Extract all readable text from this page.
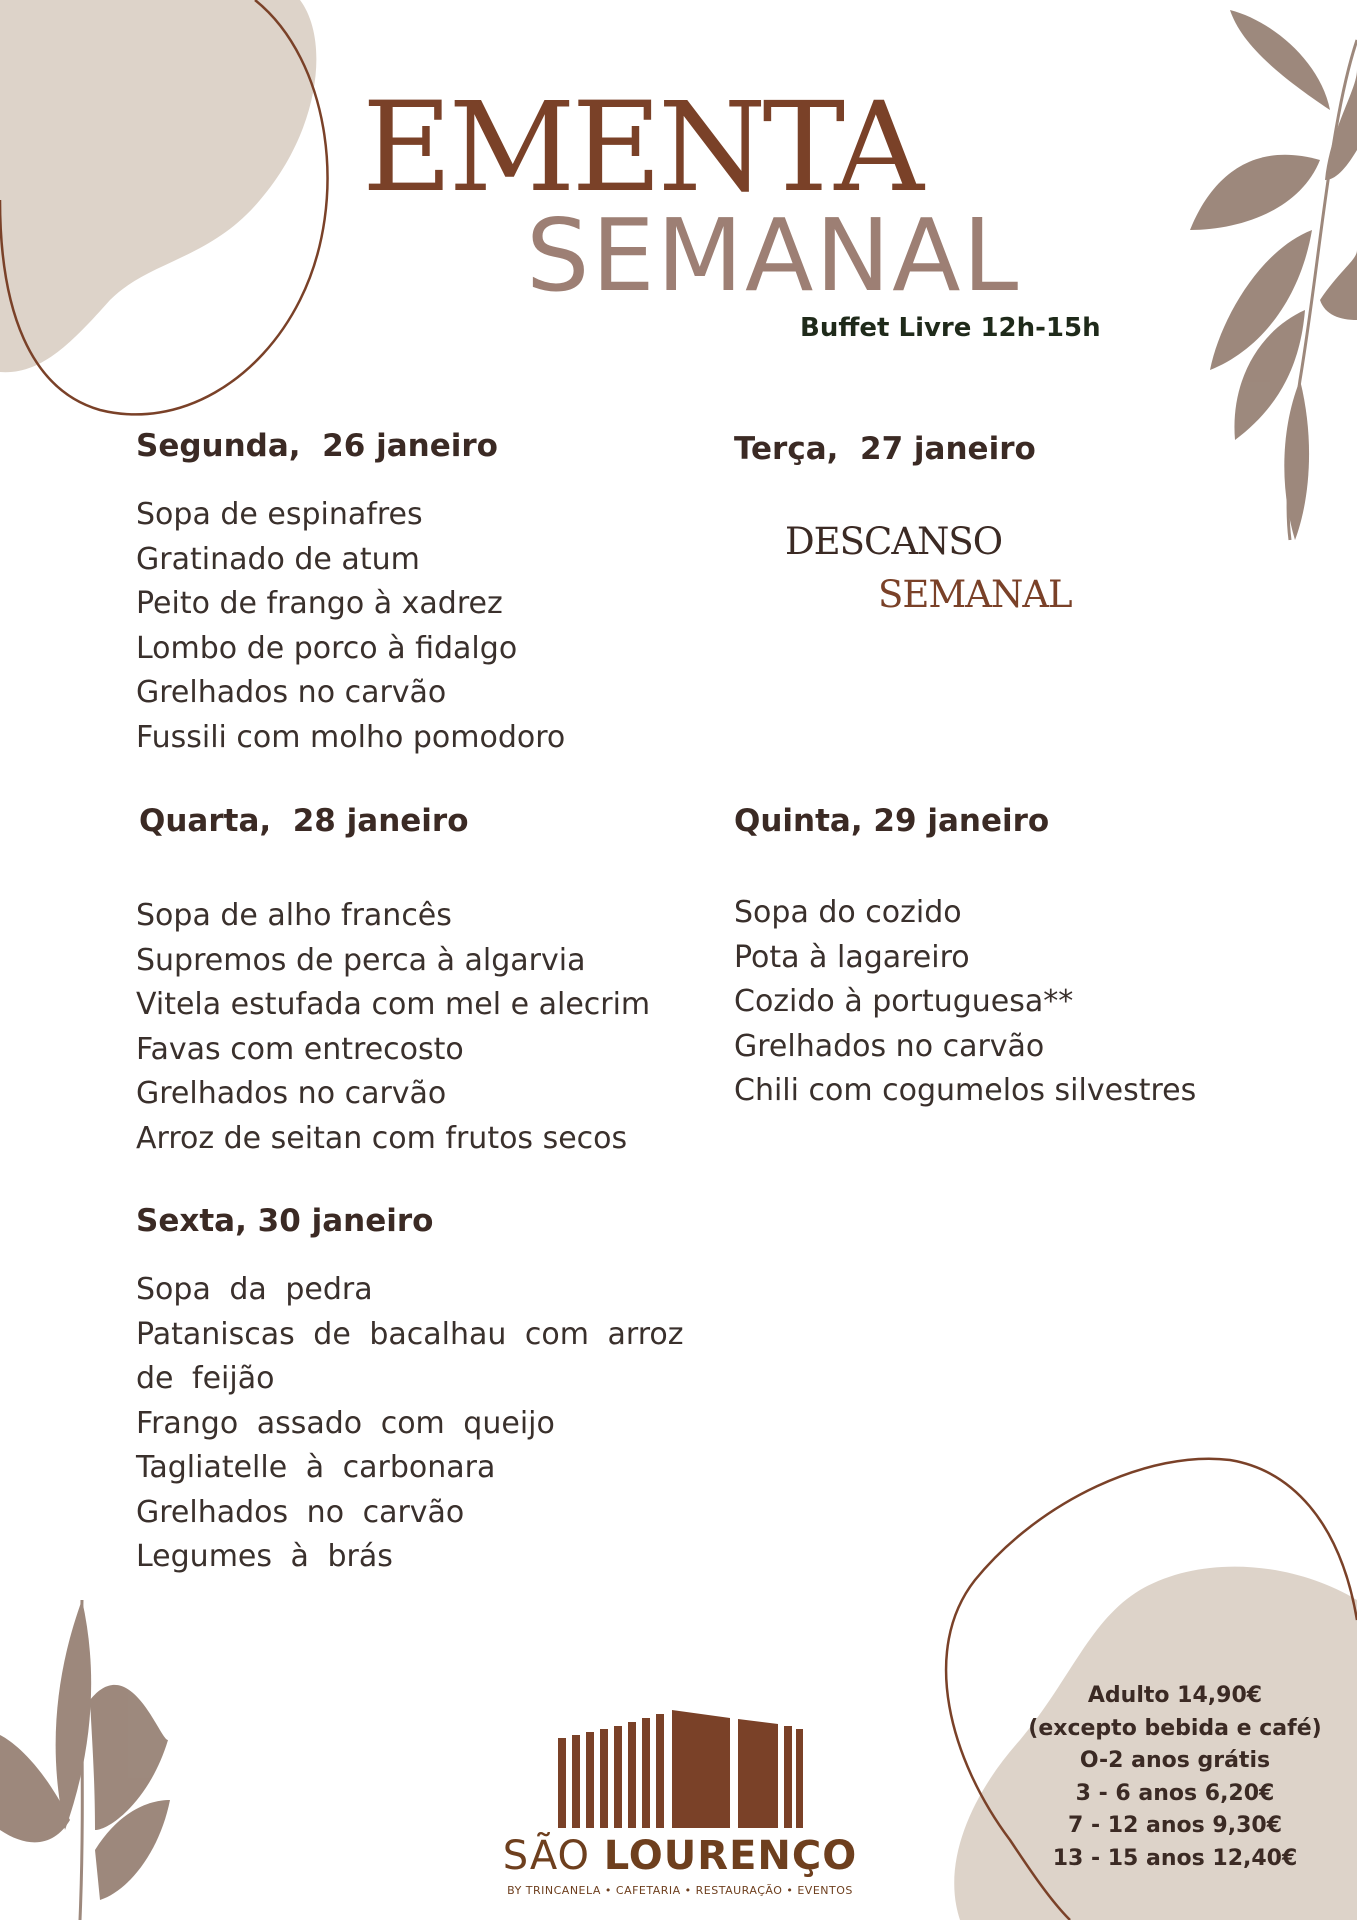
EMENTA
SEMANAL
Buffet Livre 12h-15h
Segunda,  26 janeiro
Sopa de espinafres
Gratinado de atum
Peito de frango à xadrez
Lombo de porco à fidalgo
Grelhados no carvão
Fussili com molho pomodoro
Terça,  27 janeiro
DESCANSO
SEMANAL
Quarta,  28 janeiro
Sopa de alho francês
Supremos de perca à algarvia
Vitela estufada com mel e alecrim
Favas com entrecosto
Grelhados no carvão
Arroz de seitan com frutos secos
Quinta, 29 janeiro
Sopa do cozido
Pota à lagareiro
Cozido à portuguesa**
Grelhados no carvão
Chili com cogumelos silvestres
Sexta, 30 janeiro
Sopa da pedra
Pataniscas de bacalhau com arroz de feijão
Frango assado com queijo
Tagliatelle à carbonara
Grelhados no carvão
Legumes à brás
Adulto 14,90€
(excepto bebida e café)
O-2 anos grátis
3 - 6 anos 6,20€
7 - 12 anos 9,30€
13 - 15 anos 12,40€
SÃO LOURENÇO
BY TRINCANELA • CAFETARIA • RESTAURAÇÃO • EVENTOS
